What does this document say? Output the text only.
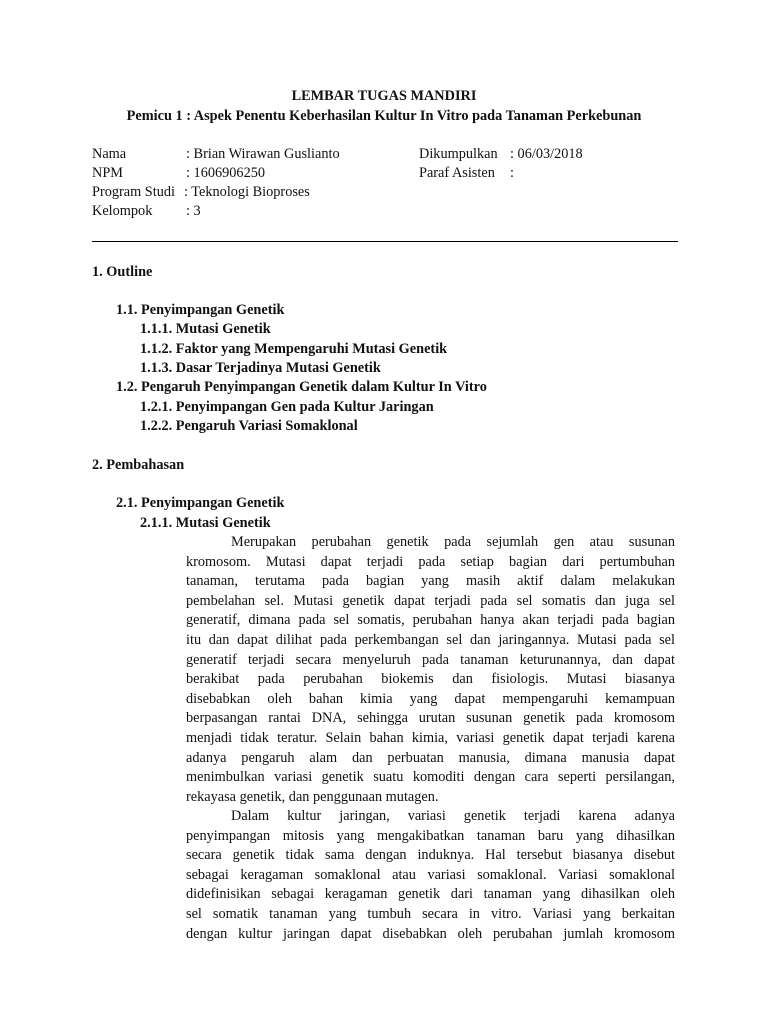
LEMBAR TUGAS MANDIRI
Pemicu 1 : Aspek Penentu Keberhasilan Kultur In Vitro pada Tanaman Perkebunan
Nama	: Brian Wirawan Guslianto
NPM	: 1606906250
Program Studi : Teknologi Bioproses
Kelompok : 3
Dikumpulkan : 06/03/2018
Paraf Asisten :
1. Outline
1.1. Penyimpangan Genetik
1.1.1. Mutasi Genetik
1.1.2. Faktor yang Mempengaruhi Mutasi Genetik
1.1.3. Dasar Terjadinya Mutasi Genetik
1.2. Pengaruh Penyimpangan Genetik dalam Kultur In Vitro
1.2.1. Penyimpangan Gen pada Kultur Jaringan
1.2.2. Pengaruh Variasi Somaklonal
2. Pembahasan
2.1. Penyimpangan Genetik
2.1.1. Mutasi Genetik
Merupakan perubahan genetik pada sejumlah gen atau susunan
kromosom. Mutasi dapat terjadi pada setiap bagian dari pertumbuhan
tanaman, terutama pada bagian yang masih aktif dalam melakukan
pembelahan sel. Mutasi genetik dapat terjadi pada sel somatis dan juga sel
generatif, dimana pada sel somatis, perubahan hanya akan terjadi pada bagian
itu dan dapat dilihat pada perkembangan sel dan jaringannya. Mutasi pada sel
generatif terjadi secara menyeluruh pada tanaman keturunannya, dan dapat
berakibat pada perubahan biokemis dan fisiologis. Mutasi biasanya
disebabkan oleh bahan kimia yang dapat mempengaruhi kemampuan
berpasangan rantai DNA, sehingga urutan susunan genetik pada kromosom
menjadi tidak teratur. Selain bahan kimia, variasi genetik dapat terjadi karena
adanya pengaruh alam dan perbuatan manusia, dimana manusia dapat
menimbulkan variasi genetik suatu komoditi dengan cara seperti persilangan,
rekayasa genetik, dan penggunaan mutagen.
Dalam kultur jaringan, variasi genetik terjadi karena adanya
penyimpangan mitosis yang mengakibatkan tanaman baru yang dihasilkan
secara genetik tidak sama dengan induknya. Hal tersebut biasanya disebut
sebagai keragaman somaklonal atau variasi somaklonal. Variasi somaklonal
didefinisikan sebagai keragaman genetik dari tanaman yang dihasilkan oleh
sel somatik tanaman yang tumbuh secara in vitro. Variasi yang berkaitan
dengan kultur jaringan dapat disebabkan oleh perubahan jumlah kromosom
